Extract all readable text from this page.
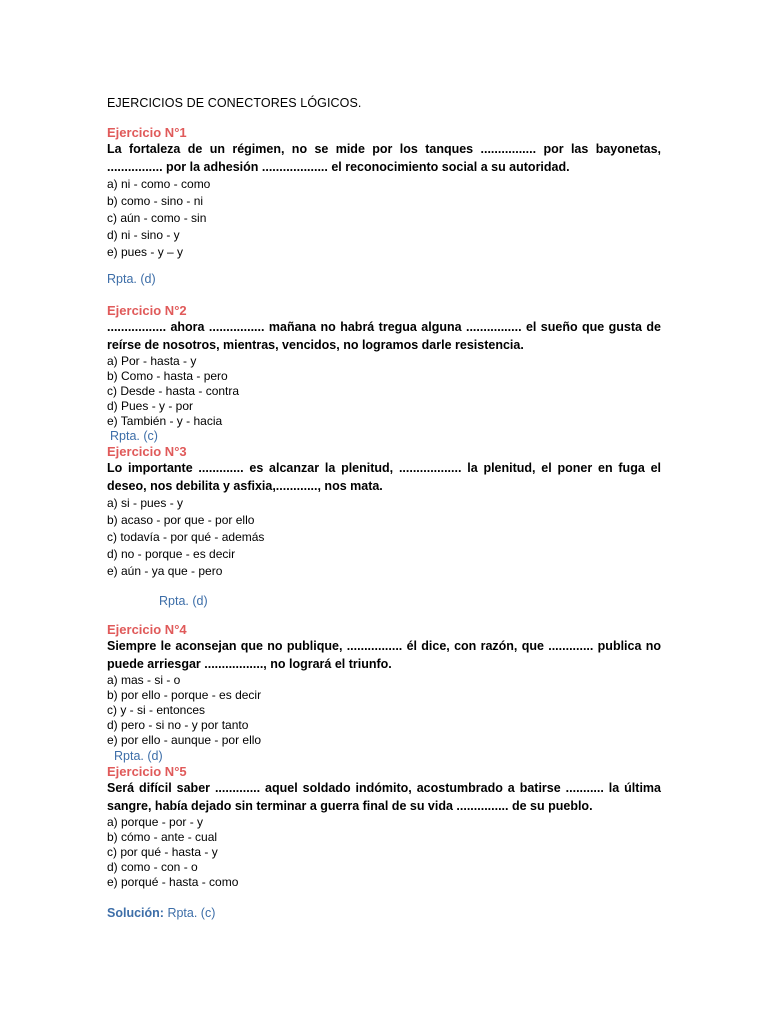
EJERCICIOS DE CONECTORES LÓGICOS.
Ejercicio N°1
La fortaleza de un régimen, no se mide por los tanques ................ por las bayonetas, ................ por la adhesión ................... el reconocimiento social a su autoridad.
a) ni - como - como
b) como - sino - ni
c) aún - como - sin
d) ni - sino - y
e) pues - y – y
Rpta. (d)
Ejercicio N°2
................. ahora ................ mañana no habrá tregua alguna ................ el sueño que gusta de reírse de nosotros, mientras, vencidos, no logramos darle resistencia.
a) Por - hasta - y
b) Como - hasta - pero
c) Desde - hasta - contra
d) Pues - y - por
e) También - y - hacia
Rpta. (c)
Ejercicio N°3
Lo importante ............. es alcanzar la plenitud, .................. la plenitud, el poner en fuga el deseo, nos debilita y asfixia,............, nos mata.
a) si - pues - y
b) acaso - por que - por ello
c) todavía - por qué - además
d) no - porque - es decir
e) aún - ya que - pero
Rpta. (d)
Ejercicio N°4
Siempre le aconsejan que no publique, ................ él dice, con razón, que ............. publica no puede arriesgar ................., no logrará el triunfo.
a) mas - si - o
b) por ello - porque - es decir
c) y - si - entonces
d) pero - si no - y por tanto
e) por ello - aunque - por ello
Rpta. (d)
Ejercicio N°5
Será difícil saber ............. aquel soldado indómito, acostumbrado a batirse ........... la última sangre, había dejado sin terminar a guerra final de su vida ............... de su pueblo.
a) porque - por - y
b) cómo - ante - cual
c) por qué - hasta - y
d) como - con - o
e) porqué - hasta - como
Solución: Rpta. (c)
